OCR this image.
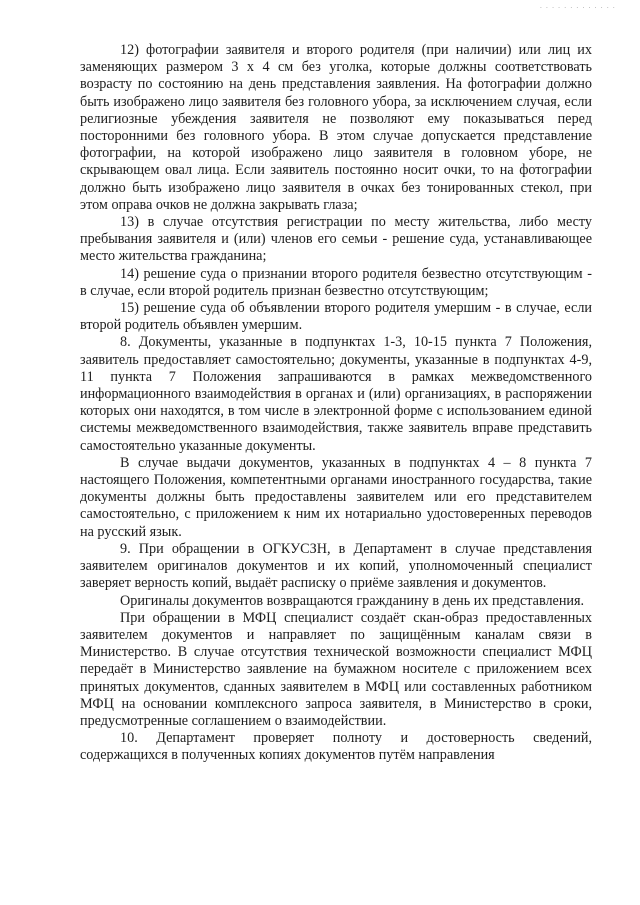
· · · · · · · · · · · · ·

12) фотографии заявителя и второго родителя (при наличии) или лиц их заменяющих размером 3 х 4 см без уголка, которые должны соответствовать возрасту по состоянию на день представления заявления. На фотографии должно быть изображено лицо заявителя без головного убора, за исключением случая, если религиозные убеждения заявителя не позволяют ему показываться перед посторонними без головного убора. В этом случае допускается представление фотографии, на которой изображено лицо заявителя в головном уборе, не скрывающем овал лица. Если заявитель постоянно носит очки, то на фотографии должно быть изображено лицо заявителя в очках без тонированных стекол, при этом оправа очков не должна закрывать глаза;

13) в случае отсутствия регистрации по месту жительства, либо месту пребывания заявителя и (или) членов его семьи - решение суда, устанавливающее место жительства гражданина;

14) решение суда о признании второго родителя безвестно отсутствующим - в случае, если второй родитель признан безвестно отсутствующим;

15) решение суда об объявлении второго родителя умершим - в случае, если второй родитель объявлен умершим.

8. Документы, указанные в подпунктах 1-3, 10-15 пункта 7 Положения, заявитель предоставляет самостоятельно; документы, указанные в подпунктах 4-9, 11 пункта 7 Положения запрашиваются в рамках межведомственного информационного взаимодействия в органах и (или) организациях, в распоряжении которых они находятся, в том числе в электронной форме с использованием единой системы межведомственного взаимодействия, также заявитель вправе представить самостоятельно указанные документы.

В случае выдачи документов, указанных в подпунктах 4 – 8 пункта 7 настоящего Положения, компетентными органами иностранного государства, такие документы должны быть предоставлены заявителем или его представителем самостоятельно, с приложением к ним их нотариально удостоверенных переводов на русский язык.

9. При обращении в ОГКУСЗН, в Департамент в случае представления заявителем оригиналов документов и их копий, уполномоченный специалист заверяет верность копий, выдаёт расписку о приёме заявления и документов.

Оригиналы документов возвращаются гражданину в день их представления.

При обращении в МФЦ специалист создаёт скан-образ предоставленных заявителем документов и направляет по защищённым каналам связи в Министерство. В случае отсутствия технической возможности специалист МФЦ передаёт в Министерство заявление на бумажном носителе с приложением всех принятых документов, сданных заявителем в МФЦ или составленных работником МФЦ на основании комплексного запроса заявителя, в Министерство в сроки, предусмотренные соглашением о взаимодействии.

10. Департамент проверяет полноту и достоверность сведений, содержащихся в полученных копиях документов путём направления
